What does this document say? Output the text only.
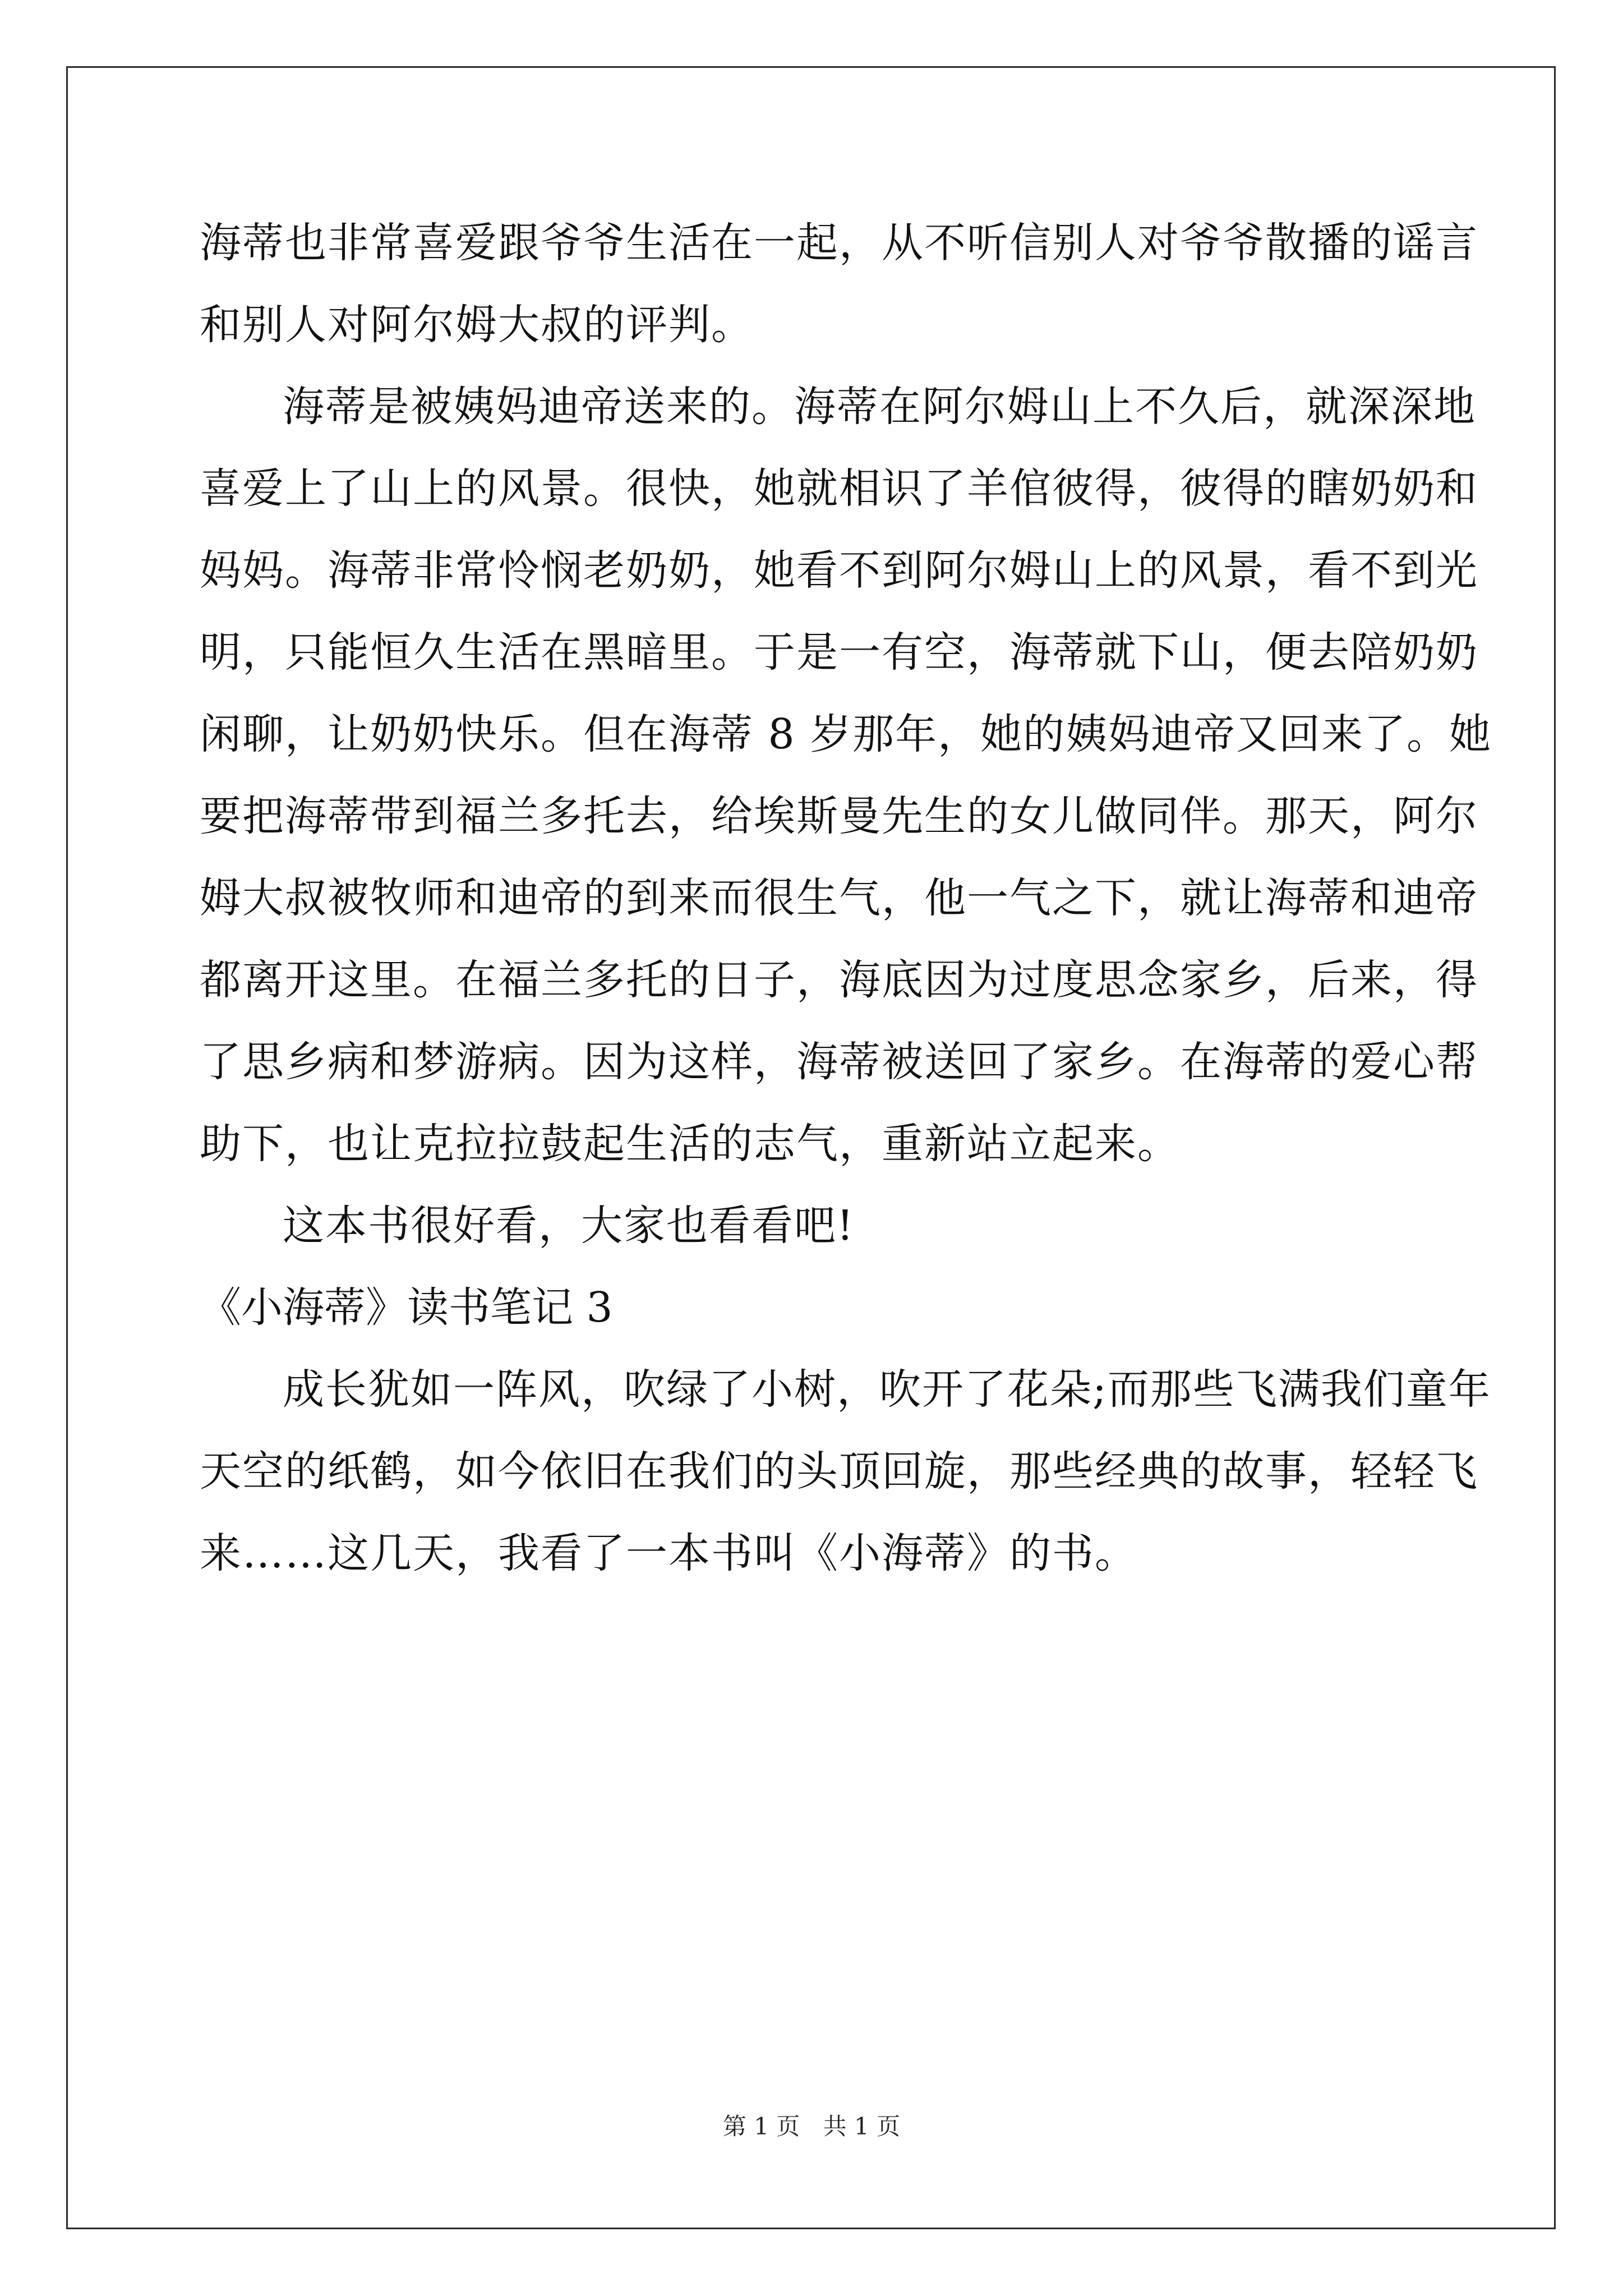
海蒂也非常喜爱跟爷爷生活在一起，从不听信别人对爷爷散播的谣言
和别人对阿尔姆大叔的评判。
海蒂是被姨妈迪帝送来的。海蒂在阿尔姆山上不久后，就深深地
喜爱上了山上的风景。很快，她就相识了羊倌彼得，彼得的瞎奶奶和
妈妈。海蒂非常怜悯老奶奶，她看不到阿尔姆山上的风景，看不到光
明，只能恒久生活在黑暗里。于是一有空，海蒂就下山，便去陪奶奶
闲聊，让奶奶快乐。但在海蒂 8 岁那年，她的姨妈迪帝又回来了。她
要把海蒂带到福兰多托去，给埃斯曼先生的女儿做同伴。那天，阿尔
姆大叔被牧师和迪帝的到来而很生气，他一气之下，就让海蒂和迪帝
都离开这里。在福兰多托的日子，海底因为过度思念家乡，后来，得
了思乡病和梦游病。因为这样，海蒂被送回了家乡。在海蒂的爱心帮
助下，也让克拉拉鼓起生活的志气，重新站立起来。
这本书很好看，大家也看看吧!
《小海蒂》读书笔记 3
成长犹如一阵风，吹绿了小树，吹开了花朵;而那些飞满我们童年
天空的纸鹤，如今依旧在我们的头顶回旋，那些经典的故事，轻轻飞
来……这几天，我看了一本书叫《小海蒂》的书。
第 1 页 共 1 页
